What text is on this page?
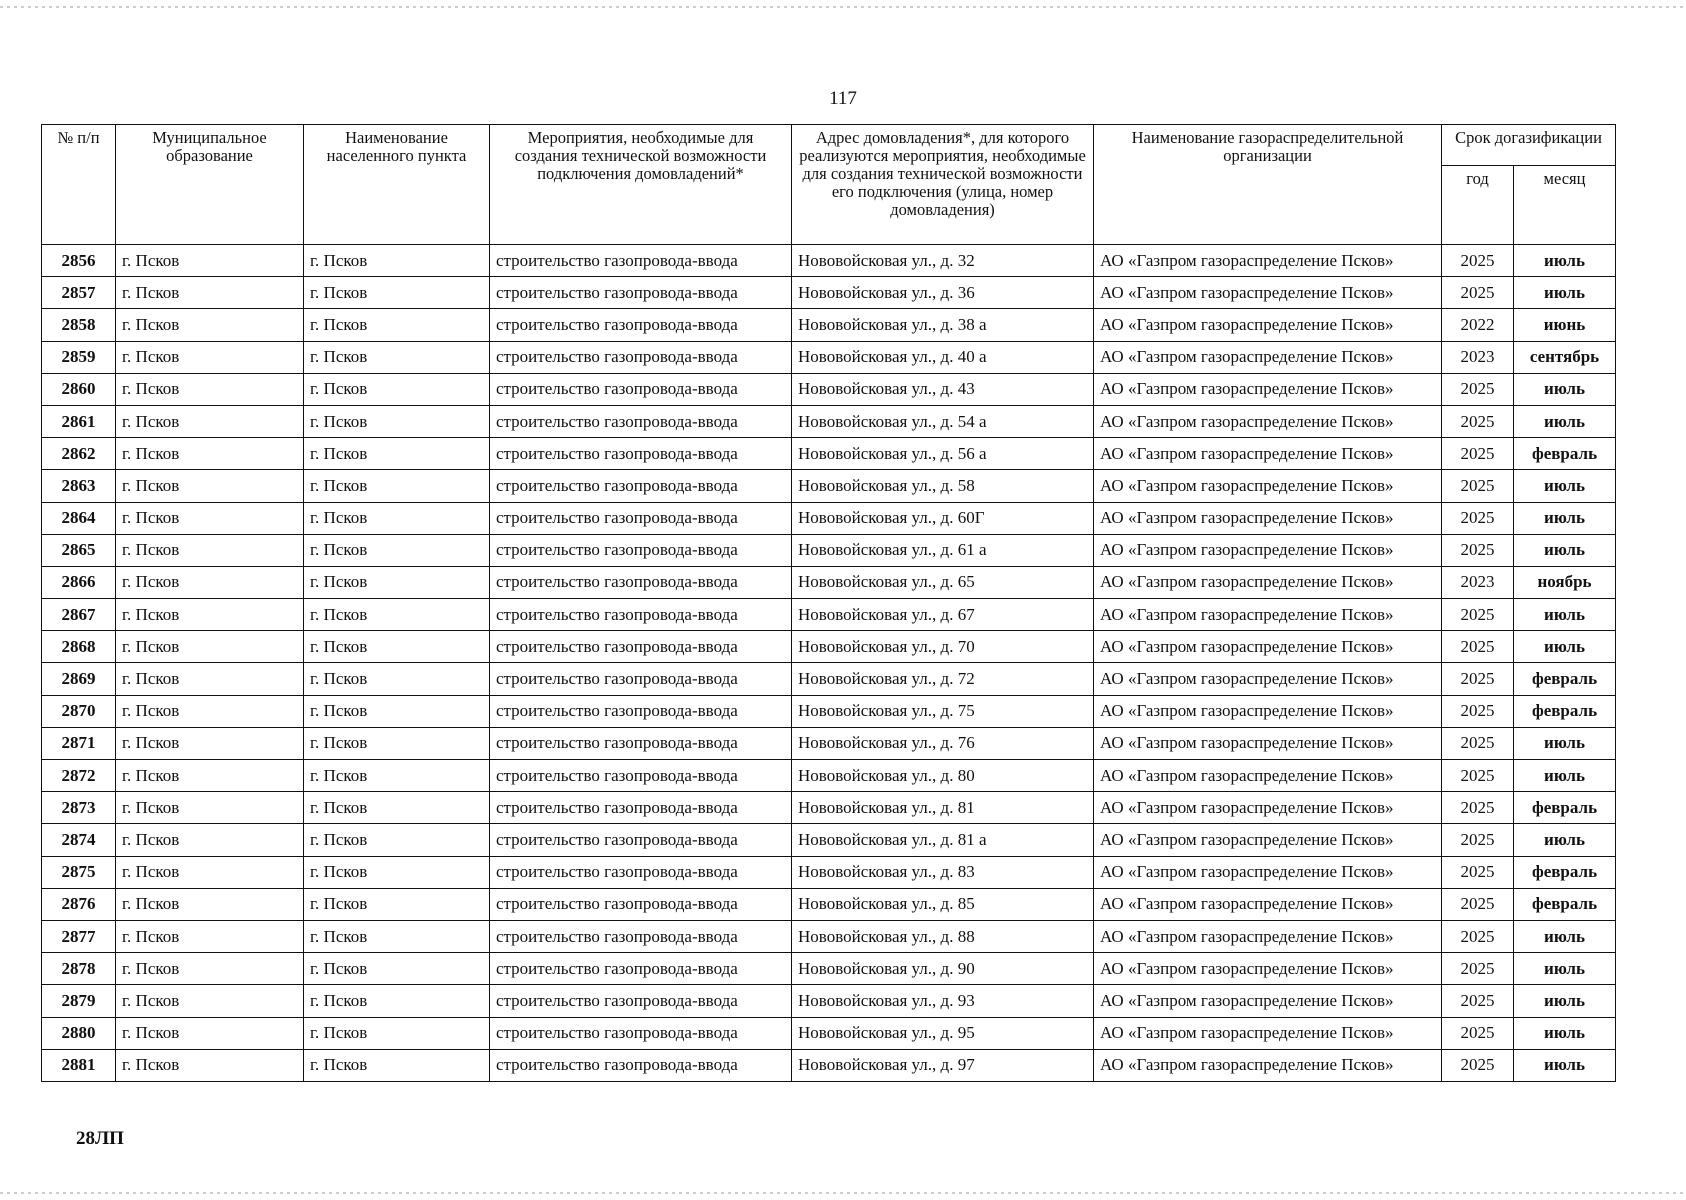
117
№ п/п	Муниципальное образование	Наименование населенного пункта	Мероприятия, необходимые для создания технической возможности подключения домовладений*	Адрес домовладения*, для которого реализуются мероприятия, необходимые для создания технической возможности его подключения (улица, номер домовладения)	Наименование газораспределительной организации	Срок догазификации	
						год	месяц
2856	г. Псков	г. Псков	строительство газопровода-ввода	Нововойсковая ул., д. 32	АО «Газпром газораспределение Псков»	2025	июль
2857	г. Псков	г. Псков	строительство газопровода-ввода	Нововойсковая ул., д. 36	АО «Газпром газораспределение Псков»	2025	июль
2858	г. Псков	г. Псков	строительство газопровода-ввода	Нововойсковая ул., д. 38 а	АО «Газпром газораспределение Псков»	2022	июнь
2859	г. Псков	г. Псков	строительство газопровода-ввода	Нововойсковая ул., д. 40 а	АО «Газпром газораспределение Псков»	2023	сентябрь
2860	г. Псков	г. Псков	строительство газопровода-ввода	Нововойсковая ул., д. 43	АО «Газпром газораспределение Псков»	2025	июль
2861	г. Псков	г. Псков	строительство газопровода-ввода	Нововойсковая ул., д. 54 а	АО «Газпром газораспределение Псков»	2025	июль
2862	г. Псков	г. Псков	строительство газопровода-ввода	Нововойсковая ул., д. 56 а	АО «Газпром газораспределение Псков»	2025	февраль
2863	г. Псков	г. Псков	строительство газопровода-ввода	Нововойсковая ул., д. 58	АО «Газпром газораспределение Псков»	2025	июль
2864	г. Псков	г. Псков	строительство газопровода-ввода	Нововойсковая ул., д. 60Г	АО «Газпром газораспределение Псков»	2025	июль
2865	г. Псков	г. Псков	строительство газопровода-ввода	Нововойсковая ул., д. 61 а	АО «Газпром газораспределение Псков»	2025	июль
2866	г. Псков	г. Псков	строительство газопровода-ввода	Нововойсковая ул., д. 65	АО «Газпром газораспределение Псков»	2023	ноябрь
2867	г. Псков	г. Псков	строительство газопровода-ввода	Нововойсковая ул., д. 67	АО «Газпром газораспределение Псков»	2025	июль
2868	г. Псков	г. Псков	строительство газопровода-ввода	Нововойсковая ул., д. 70	АО «Газпром газораспределение Псков»	2025	июль
2869	г. Псков	г. Псков	строительство газопровода-ввода	Нововойсковая ул., д. 72	АО «Газпром газораспределение Псков»	2025	февраль
2870	г. Псков	г. Псков	строительство газопровода-ввода	Нововойсковая ул., д. 75	АО «Газпром газораспределение Псков»	2025	февраль
2871	г. Псков	г. Псков	строительство газопровода-ввода	Нововойсковая ул., д. 76	АО «Газпром газораспределение Псков»	2025	июль
2872	г. Псков	г. Псков	строительство газопровода-ввода	Нововойсковая ул., д. 80	АО «Газпром газораспределение Псков»	2025	июль
2873	г. Псков	г. Псков	строительство газопровода-ввода	Нововойсковая ул., д. 81	АО «Газпром газораспределение Псков»	2025	февраль
2874	г. Псков	г. Псков	строительство газопровода-ввода	Нововойсковая ул., д. 81 а	АО «Газпром газораспределение Псков»	2025	июль
2875	г. Псков	г. Псков	строительство газопровода-ввода	Нововойсковая ул., д. 83	АО «Газпром газораспределение Псков»	2025	февраль
2876	г. Псков	г. Псков	строительство газопровода-ввода	Нововойсковая ул., д. 85	АО «Газпром газораспределение Псков»	2025	февраль
2877	г. Псков	г. Псков	строительство газопровода-ввода	Нововойсковая ул., д. 88	АО «Газпром газораспределение Псков»	2025	июль
2878	г. Псков	г. Псков	строительство газопровода-ввода	Нововойсковая ул., д. 90	АО «Газпром газораспределение Псков»	2025	июль
2879	г. Псков	г. Псков	строительство газопровода-ввода	Нововойсковая ул., д. 93	АО «Газпром газораспределение Псков»	2025	июль
2880	г. Псков	г. Псков	строительство газопровода-ввода	Нововойсковая ул., д. 95	АО «Газпром газораспределение Псков»	2025	июль
2881	г. Псков	г. Псков	строительство газопровода-ввода	Нововойсковая ул., д. 97	АО «Газпром газораспределение Псков»	2025	июль
28ЛП
